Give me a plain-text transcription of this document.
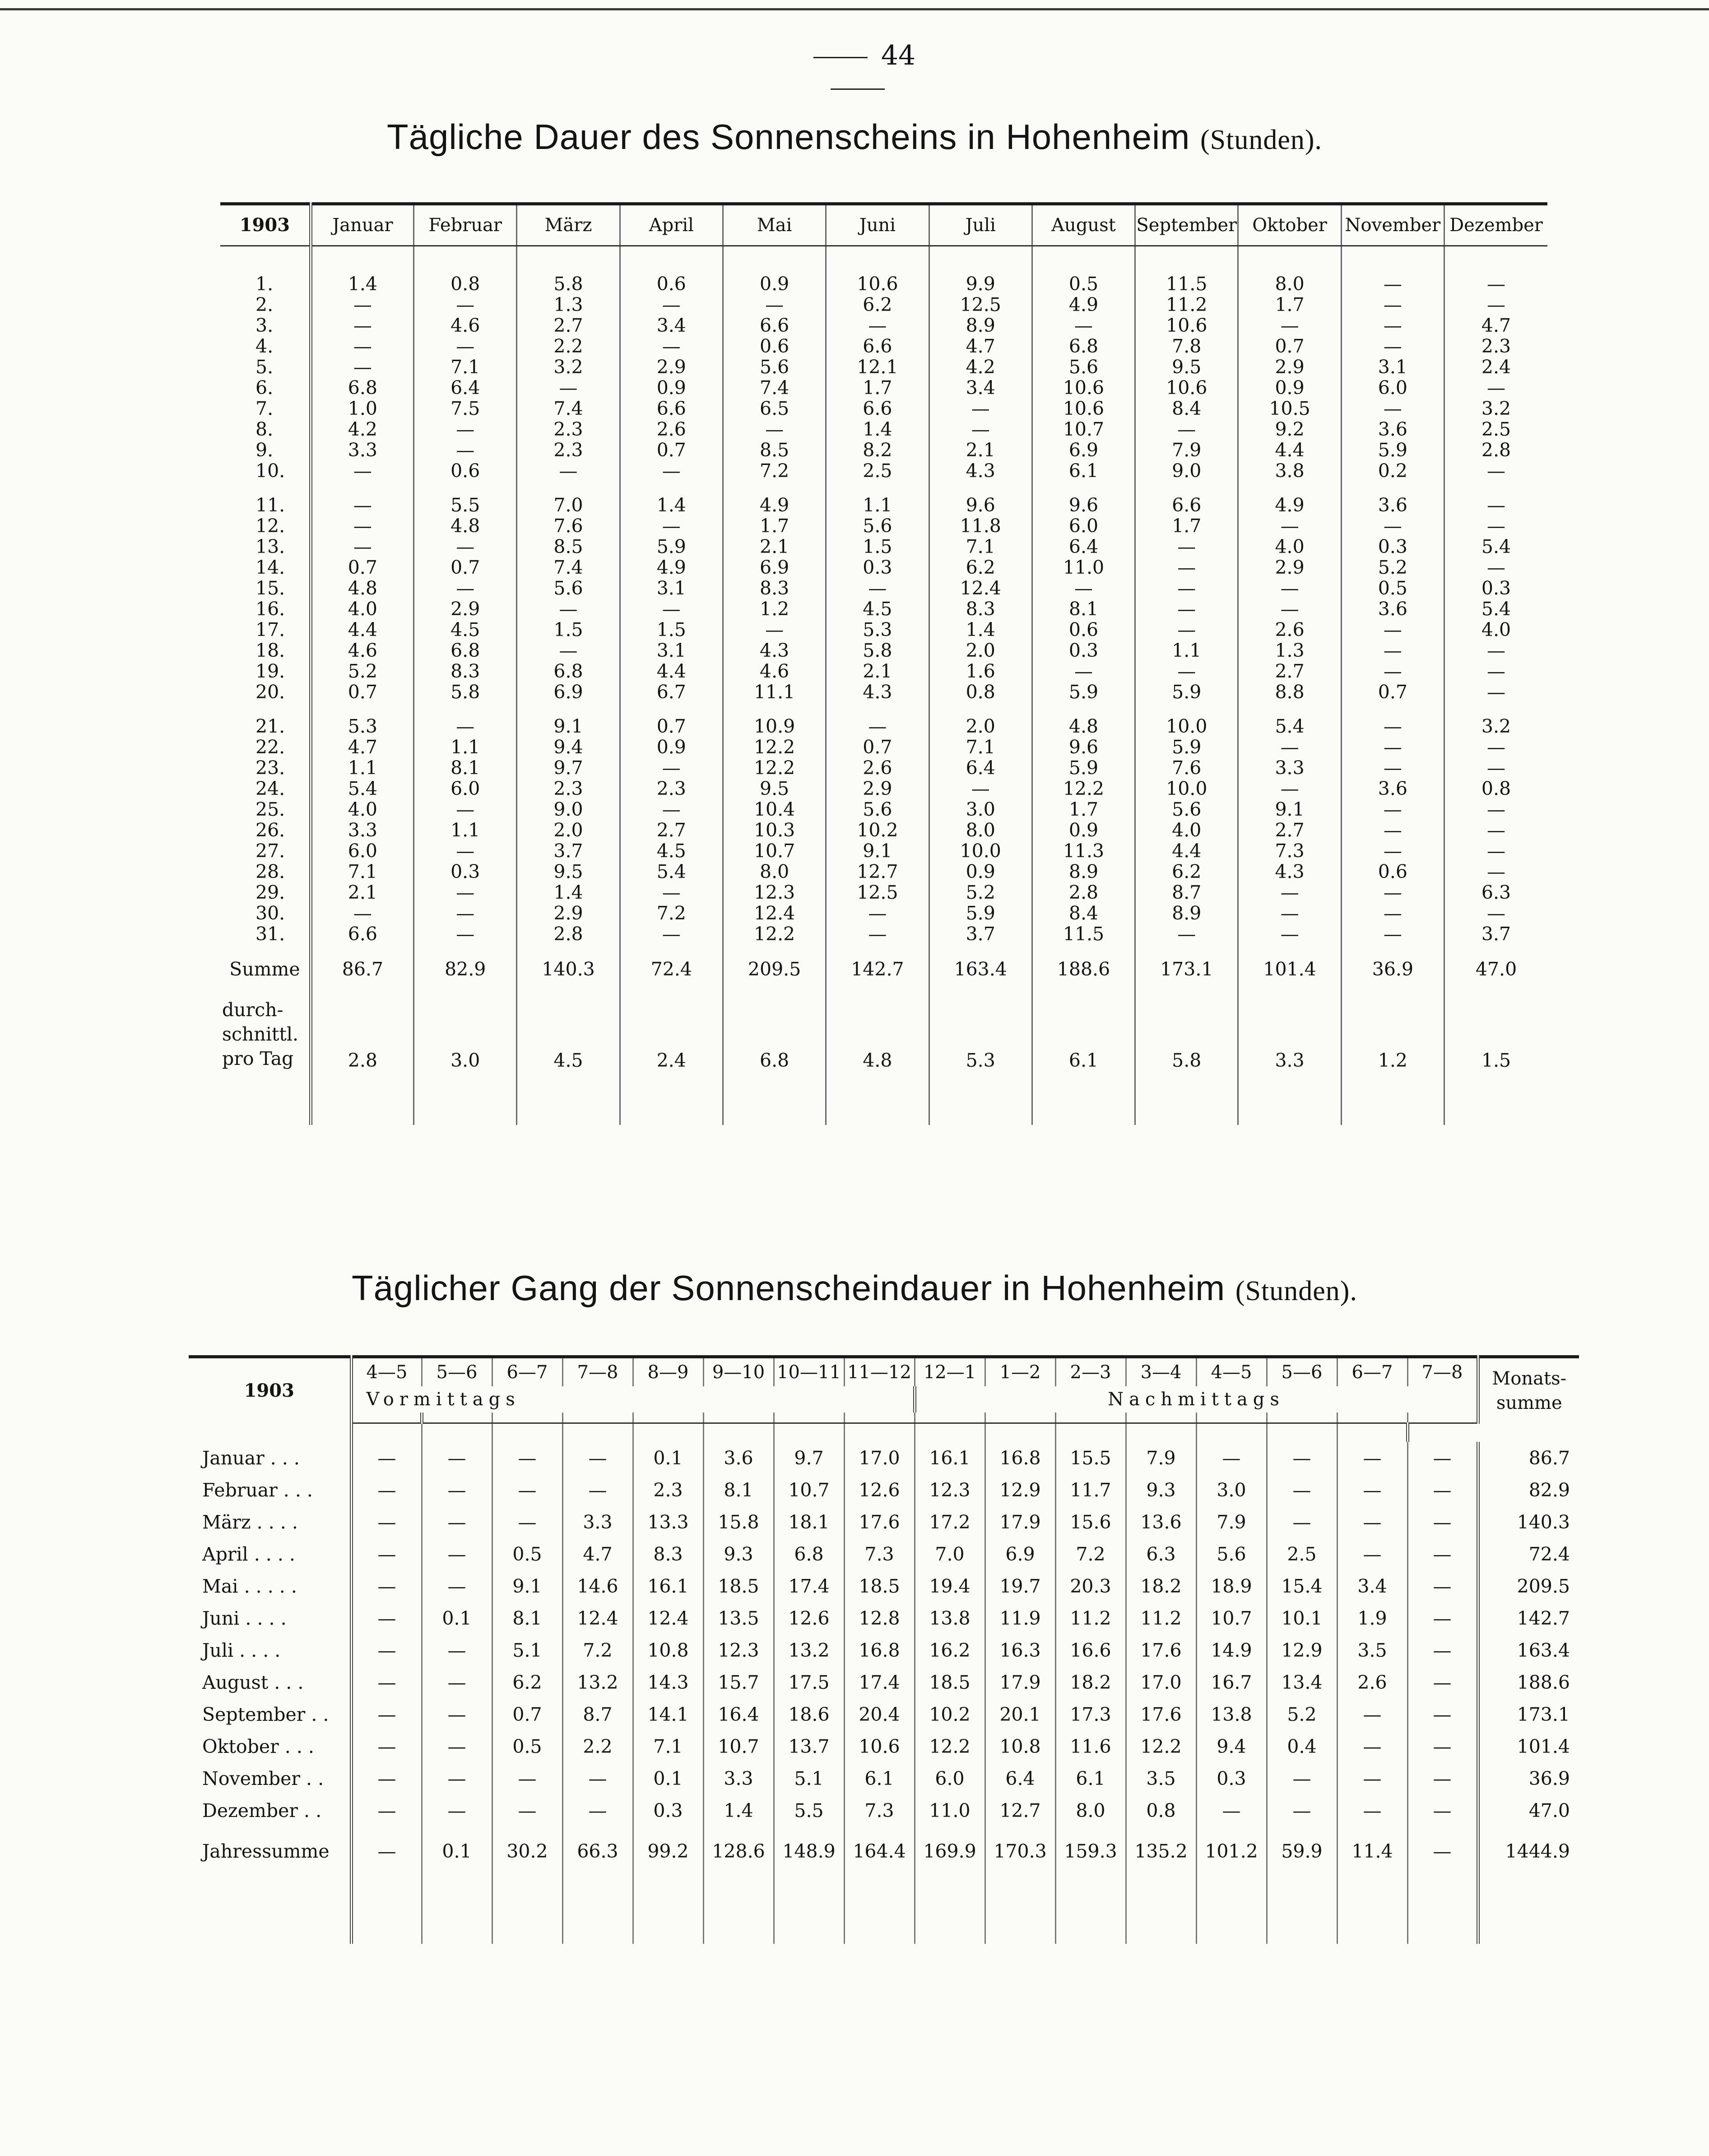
44
Tägliche Dauer des Sonnenscheins in Hohenheim (Stunden).
1903	Januar	Februar	März	April	Mai	Juni	Juli	August	September	Oktober	November	Dezember

1.	1.4	0.8	5.8	0.6	0.9	10.6	9.9	0.5	11.5	8.0	—	—
2.	—	—	1.3	—	—	6.2	12.5	4.9	11.2	1.7	—	—
3.	—	4.6	2.7	3.4	6.6	—	8.9	—	10.6	—	—	4.7
4.	—	—	2.2	—	0.6	6.6	4.7	6.8	7.8	0.7	—	2.3
5.	—	7.1	3.2	2.9	5.6	12.1	4.2	5.6	9.5	2.9	3.1	2.4
6.	6.8	6.4	—	0.9	7.4	1.7	3.4	10.6	10.6	0.9	6.0	—
7.	1.0	7.5	7.4	6.6	6.5	6.6	—	10.6	8.4	10.5	—	3.2
8.	4.2	—	2.3	2.6	—	1.4	—	10.7	—	9.2	3.6	2.5
9.	3.3	—	2.3	0.7	8.5	8.2	2.1	6.9	7.9	4.4	5.9	2.8
10.	—	0.6	—	—	7.2	2.5	4.3	6.1	9.0	3.8	0.2	—

11.	—	5.5	7.0	1.4	4.9	1.1	9.6	9.6	6.6	4.9	3.6	—
12.	—	4.8	7.6	—	1.7	5.6	11.8	6.0	1.7	—	—	—
13.	—	—	8.5	5.9	2.1	1.5	7.1	6.4	—	4.0	0.3	5.4
14.	0.7	0.7	7.4	4.9	6.9	0.3	6.2	11.0	—	2.9	5.2	—
15.	4.8	—	5.6	3.1	8.3	—	12.4	—	—	—	0.5	0.3
16.	4.0	2.9	—	—	1.2	4.5	8.3	8.1	—	—	3.6	5.4
17.	4.4	4.5	1.5	1.5	—	5.3	1.4	0.6	—	2.6	—	4.0
18.	4.6	6.8	—	3.1	4.3	5.8	2.0	0.3	1.1	1.3	—	—
19.	5.2	8.3	6.8	4.4	4.6	2.1	1.6	—	—	2.7	—	—
20.	0.7	5.8	6.9	6.7	11.1	4.3	0.8	5.9	5.9	8.8	0.7	—

21.	5.3	—	9.1	0.7	10.9	—	2.0	4.8	10.0	5.4	—	3.2
22.	4.7	1.1	9.4	0.9	12.2	0.7	7.1	9.6	5.9	—	—	—
23.	1.1	8.1	9.7	—	12.2	2.6	6.4	5.9	7.6	3.3	—	—
24.	5.4	6.0	2.3	2.3	9.5	2.9	—	12.2	10.0	—	3.6	0.8
25.	4.0	—	9.0	—	10.4	5.6	3.0	1.7	5.6	9.1	—	—
26.	3.3	1.1	2.0	2.7	10.3	10.2	8.0	0.9	4.0	2.7	—	—
27.	6.0	—	3.7	4.5	10.7	9.1	10.0	11.3	4.4	7.3	—	—
28.	7.1	0.3	9.5	5.4	8.0	12.7	0.9	8.9	6.2	4.3	0.6	—
29.	2.1	—	1.4	—	12.3	12.5	5.2	2.8	8.7	—	—	6.3
30.	—	—	2.9	7.2	12.4	—	5.9	8.4	8.9	—	—	—
31.	6.6	—	2.8	—	12.2	—	3.7	11.5	—	—	—	3.7
Summe	86.7	82.9	140.3	72.4	209.5	142.7	163.4	188.6	173.1	101.4	36.9	47.0
durch-
schnittl.
pro Tag	2.8	3.0	4.5	2.4	6.8	4.8	5.3	6.1	5.8	3.3	1.2	1.5

Täglicher Gang der Sonnenscheindauer in Hohenheim (Stunden).
1903	4—5	5—6	6—7	7—8	8—9	9—10	10—11	11—12	12—1	1—2	2—3	3—4	4—5	5—6	6—7	7—8	Monats-
summe
	Vormittags								Nachmittags								

Januar . . .	—	—	—	—	0.1	3.6	9.7	17.0	16.1	16.8	15.5	7.9	—	—	—	—	86.7
Februar . . .	—	—	—	—	2.3	8.1	10.7	12.6	12.3	12.9	11.7	9.3	3.0	—	—	—	82.9
März . . . .	—	—	—	3.3	13.3	15.8	18.1	17.6	17.2	17.9	15.6	13.6	7.9	—	—	—	140.3
April . . . .	—	—	0.5	4.7	8.3	9.3	6.8	7.3	7.0	6.9	7.2	6.3	5.6	2.5	—	—	72.4
Mai . . . . .	—	—	9.1	14.6	16.1	18.5	17.4	18.5	19.4	19.7	20.3	18.2	18.9	15.4	3.4	—	209.5
Juni . . . .	—	0.1	8.1	12.4	12.4	13.5	12.6	12.8	13.8	11.9	11.2	11.2	10.7	10.1	1.9	—	142.7
Juli . . . .	—	—	5.1	7.2	10.8	12.3	13.2	16.8	16.2	16.3	16.6	17.6	14.9	12.9	3.5	—	163.4
August . . .	—	—	6.2	13.2	14.3	15.7	17.5	17.4	18.5	17.9	18.2	17.0	16.7	13.4	2.6	—	188.6
September . .	—	—	0.7	8.7	14.1	16.4	18.6	20.4	10.2	20.1	17.3	17.6	13.8	5.2	—	—	173.1
Oktober . . .	—	—	0.5	2.2	7.1	10.7	13.7	10.6	12.2	10.8	11.6	12.2	9.4	0.4	—	—	101.4
November . .	—	—	—	—	0.1	3.3	5.1	6.1	6.0	6.4	6.1	3.5	0.3	—	—	—	36.9
Dezember . .	—	—	—	—	0.3	1.4	5.5	7.3	11.0	12.7	8.0	0.8	—	—	—	—	47.0
Jahressumme	—	0.1	30.2	66.3	99.2	128.6	148.9	164.4	169.9	170.3	159.3	135.2	101.2	59.9	11.4	—	1444.9
